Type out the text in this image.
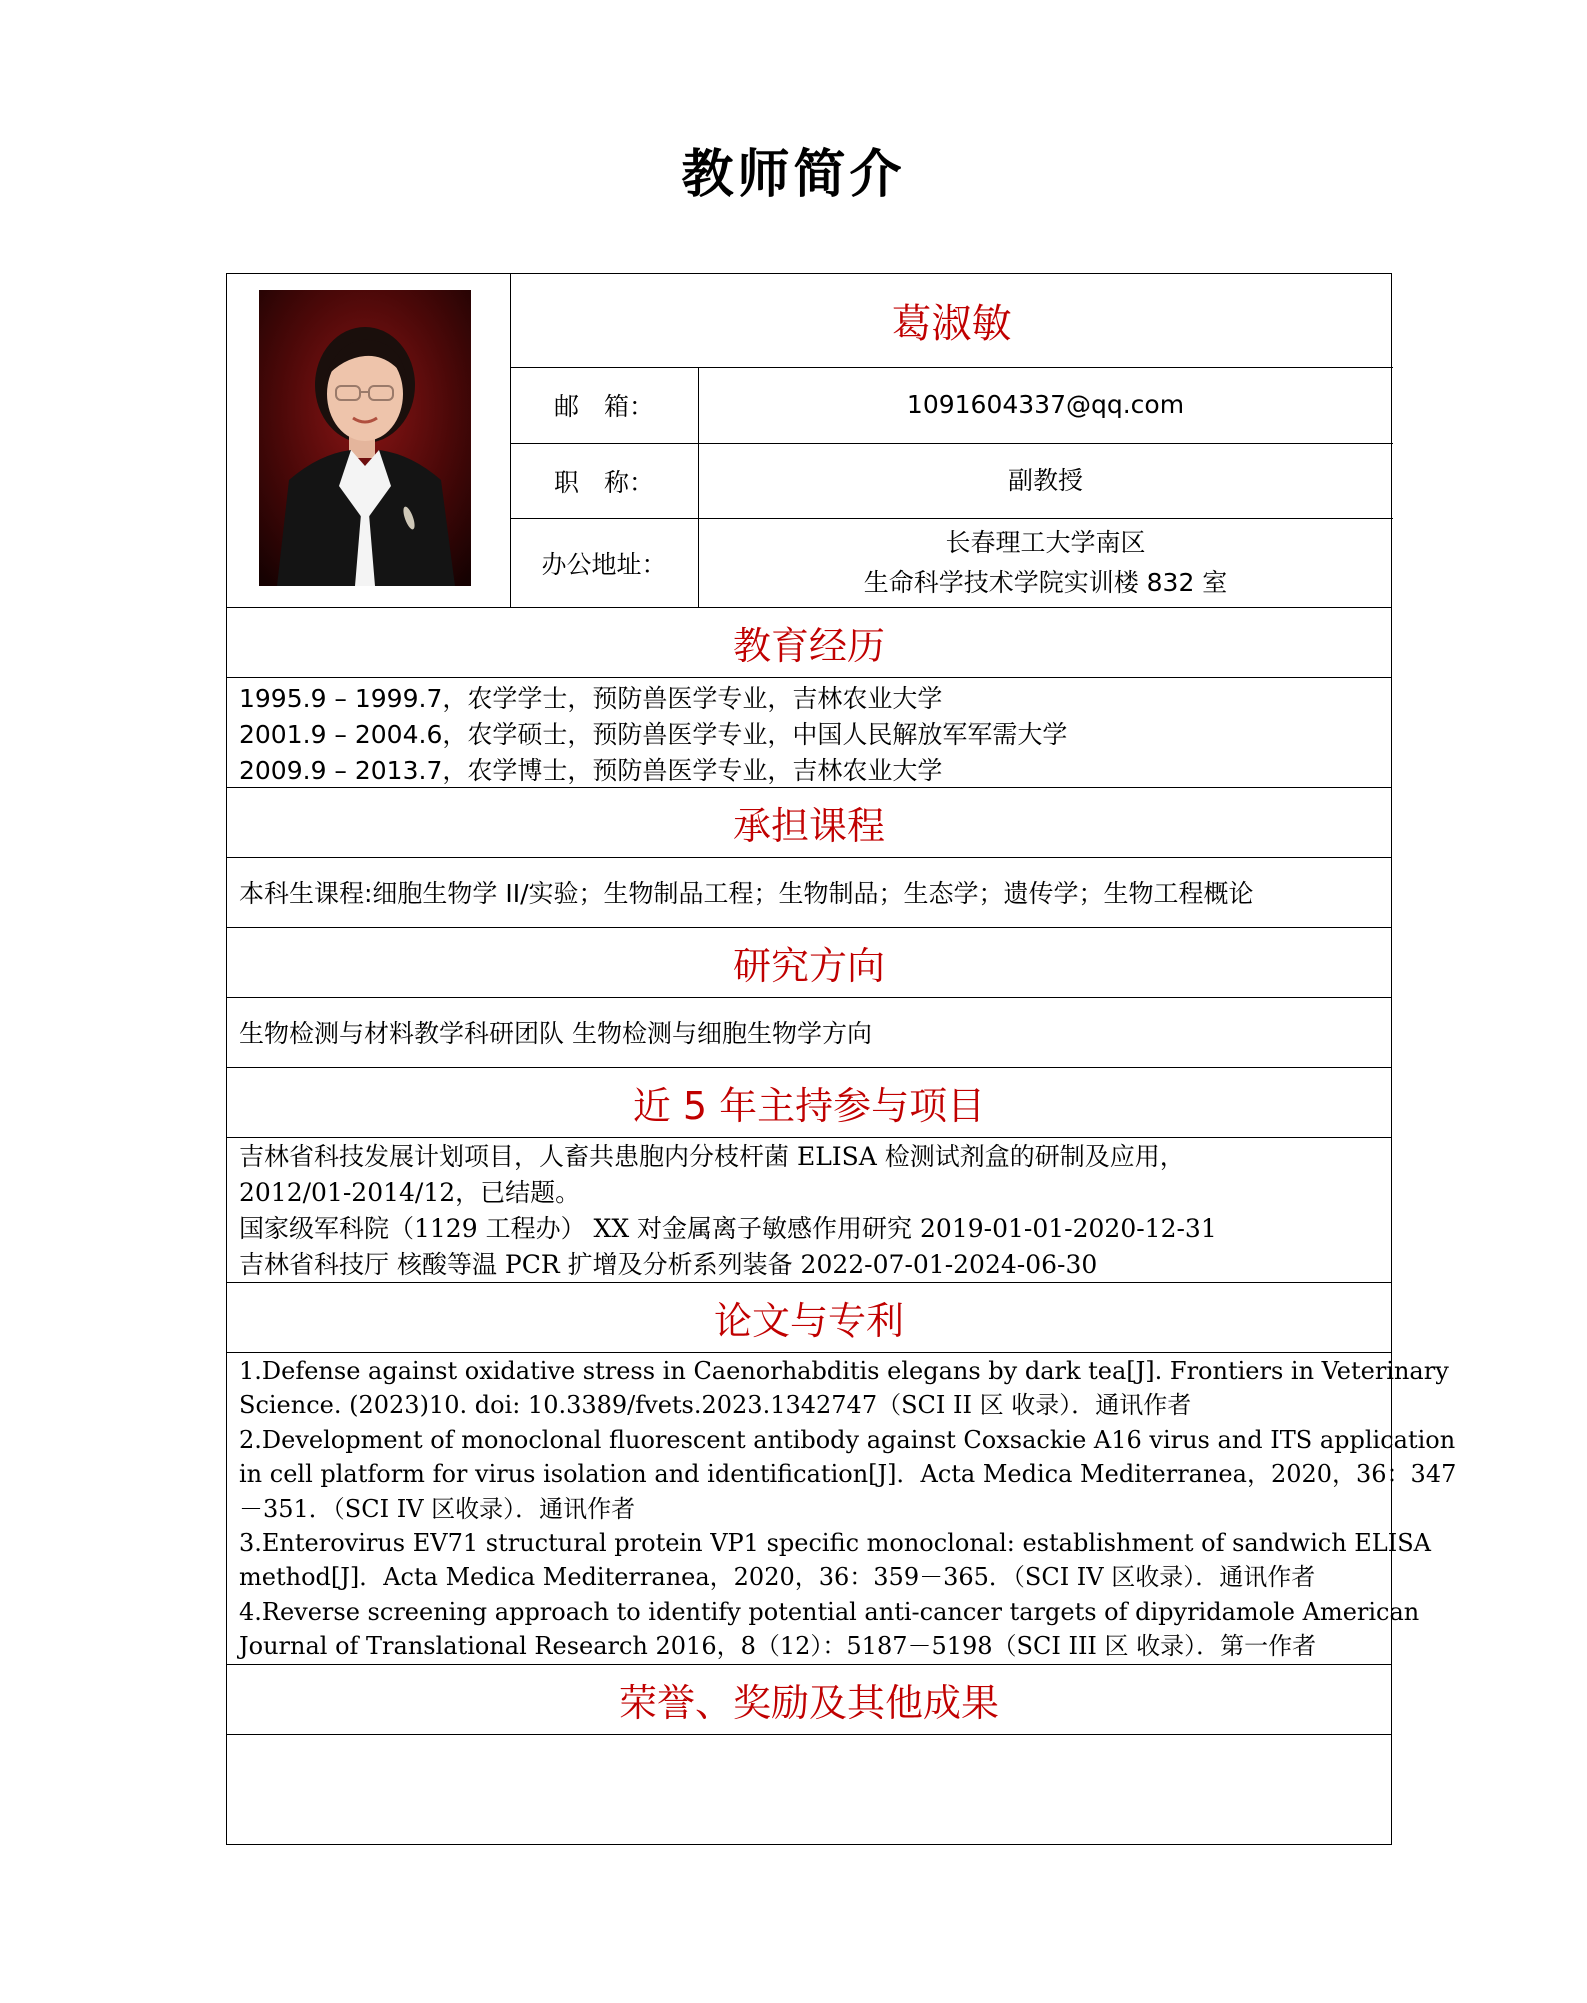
教师简介
葛淑敏
邮　箱：	1091604337@qq.com
职　称：	副教授
办公地址：
长春理工大学南区
生命科学技术学院实训楼 832 室
教育经历
1995.9 – 1999.7，农学学士，预防兽医学专业，吉林农业大学
2001.9 – 2004.6，农学硕士，预防兽医学专业，中国人民解放军军需大学
2009.9 – 2013.7，农学博士，预防兽医学专业，吉林农业大学
承担课程
本科生课程:细胞生物学 II/实验；生物制品工程；生物制品；生态学；遗传学；生物工程概论
研究方向
生物检测与材料教学科研团队 生物检测与细胞生物学方向
近 5 年主持参与项目
吉林省科技发展计划项目，人畜共患胞内分枝杆菌 ELISA 检测试剂盒的研制及应用，
2012/01-2014/12，已结题。
国家级军科院（1129 工程办） XX 对金属离子敏感作用研究 2019-01-01-2020-12-31
吉林省科技厅 核酸等温 PCR 扩增及分析系列装备 2022-07-01-2024-06-30
论文与专利
1.Defense against oxidative stress in Caenorhabditis elegans by dark tea[J]. Frontiers in Veterinary
Science. (2023)10. doi: 10.3389/fvets.2023.1342747（SCI II 区 收录）．通讯作者
2.Development of monoclonal fluorescent antibody against Coxsackie A16 virus and ITS application
in cell platform for virus isolation and identification[J]．Acta Medica Mediterranea，2020，36：347
－351．（SCI IV 区收录）．通讯作者
3.Enterovirus EV71 structural protein VP1 specific monoclonal: establishment of sandwich ELISA
method[J]．Acta Medica Mediterranea，2020，36：359－365．（SCI IV 区收录）．通讯作者
4.Reverse screening approach to identify potential anti-cancer targets of dipyridamole American
Journal of Translational Research 2016，8（12）：5187－5198（SCI III 区 收录）．第一作者
荣誉、奖励及其他成果
